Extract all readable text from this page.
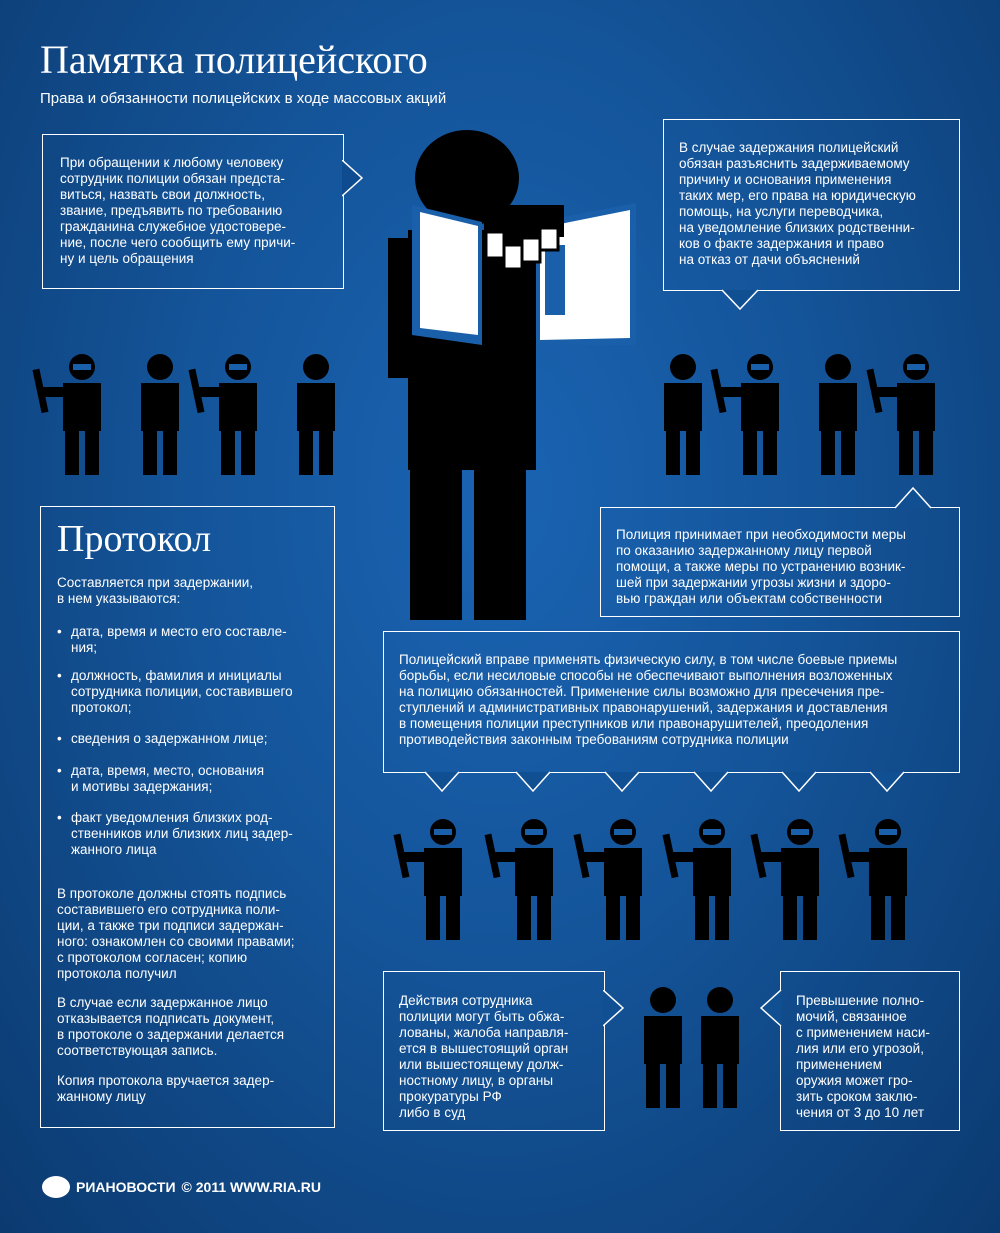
Памятка полицейского
Права и обязанности полицейских в ходе массовых акций

При обращении к любому человеку

сотрудник полиции обязан предста-

виться, назвать свои должность,

звание, предъявить по требованию

гражданина служебное удостовере-

ние, после чего сообщить ему причи-

ну и цель обращения

В случае задержания полицейский

обязан разъяснить задерживаемому

причину и основания применения

таких мер, его права на юридическую

помощь, на услуги переводчика,

на уведомление близких родственни-

ков о факте задержания и право

на отказ от дачи объяснений

Полиция принимает при необходимости меры

по оказанию задержанному лицу первой

помощи, а также меры по устранению возник-

шей при задержании угрозы жизни и здоро-

вью граждан или объектам собственности

Протокол

Составляется при задержании,

в нем указываются:

• дата, время и место его составле-
ния;
• должность, фамилия и инициалы
сотрудника полиции, составившего
протокол;
• сведения о задержанном лице;
• дата, время, место, основания
и мотивы задержания;
• факт уведомления близких род-
ственников или близких лиц задер-
жанного лица
В протоколе должны стоять подпись
составившего его сотрудника поли-
ции, а также три подписи задержан-
ного: ознакомлен со своими правами;
с протоколом согласен; копию
протокола получил
В случае если задержанное лицо
отказывается подписать документ,
в протоколе о задержании делается
соответствующая запись.
Копия протокола вручается задер-
жанному лицу

Полицейский вправе применять физическую силу, в том числе боевые приемы

борьбы, если несиловые способы не обеспечивают выполнения возложенных

на полицию обязанностей. Применение силы возможно для пресечения пре-

ступлений и административных правонарушений, задержания и доставления

в помещения полиции преступников или правонарушителей, преодоления

противодействия законным требованиям сотрудника полиции

Действия сотрудника

полиции могут быть обжа-

лованы, жалоба направля-

ется в вышестоящий орган

или вышестоящему долж-

ностному лицу, в органы

прокуратуры РФ

либо в суд

Превышение полно-

мочий, связанное

с применением наси-

лия или его угрозой,

применением

оружия может гро-

зить сроком заклю-

чения от 3 до 10 лет

РИА НОВОСТИ © 2011 WWW.RIA.RU
